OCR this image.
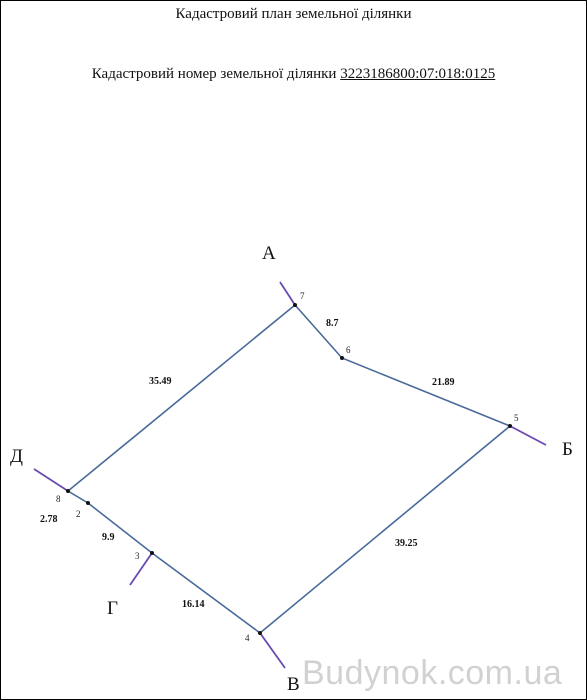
Кадастровий план земельної ділянки
Кадастровий номер земельної ділянки 3223186800:07:018:0125
7
6
5
4
3
2
8
8.7
21.89
39.25
16.14
9.9
2.78
35.49
А
Б
В
Г
Д
Budynok.com.ua
